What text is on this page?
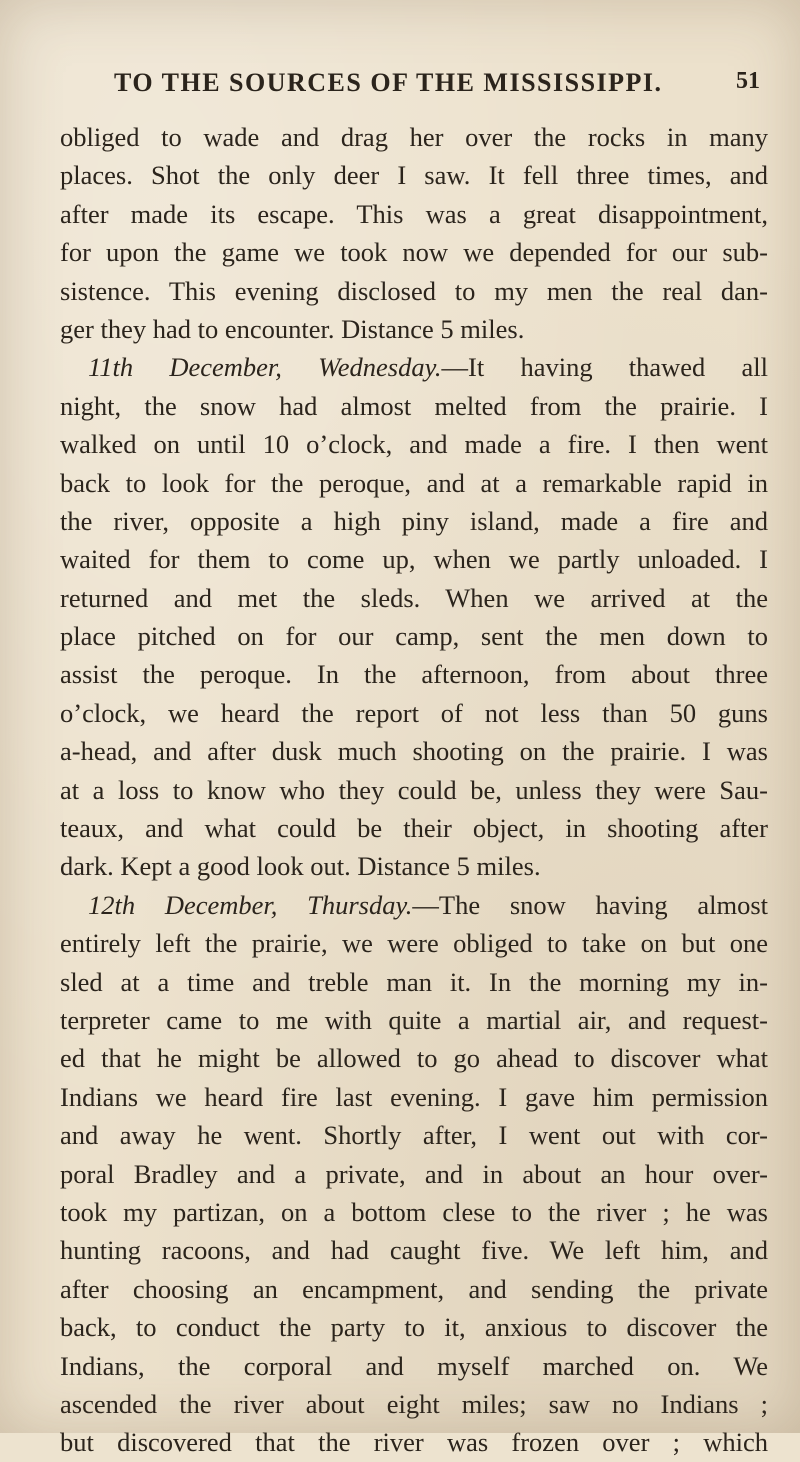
TO THE SOURCES OF THE MISSISSIPPI.	51
obliged to wade and drag her over the rocks in many
places. Shot the only deer I saw. It fell three times, and
after made its escape. This was a great disappointment,
for upon the game we took now we depended for our sub-
sistence. This evening disclosed to my men the real dan-
ger they had to encounter. Distance 5 miles.
11th December, Wednesday.—It having thawed all
night, the snow had almost melted from the prairie. I
walked on until 10 o’clock, and made a fire. I then went
back to look for the peroque, and at a remarkable rapid in
the river, opposite a high piny island, made a fire and
waited for them to come up, when we partly unloaded. I
returned and met the sleds. When we arrived at the
place pitched on for our camp, sent the men down to
assist the peroque. In the afternoon, from about three
o’clock, we heard the report of not less than 50 guns
a-head, and after dusk much shooting on the prairie. I was
at a loss to know who they could be, unless they were Sau-
teaux, and what could be their object, in shooting after
dark. Kept a good look out. Distance 5 miles.
12th December, Thursday.—The snow having almost
entirely left the prairie, we were obliged to take on but one
sled at a time and treble man it. In the morning my in-
terpreter came to me with quite a martial air, and request-
ed that he might be allowed to go ahead to discover what
Indians we heard fire last evening. I gave him permission
and away he went. Shortly after, I went out with cor-
poral Bradley and a private, and in about an hour over-
took my partizan, on a bottom clese to the river ; he was
hunting racoons, and had caught five. We left him, and
after choosing an encampment, and sending the private
back, to conduct the party to it, anxious to discover the
Indians, the corporal and myself marched on. We
ascended the river about eight miles; saw no Indians ;
but discovered that the river was frozen over ; which
